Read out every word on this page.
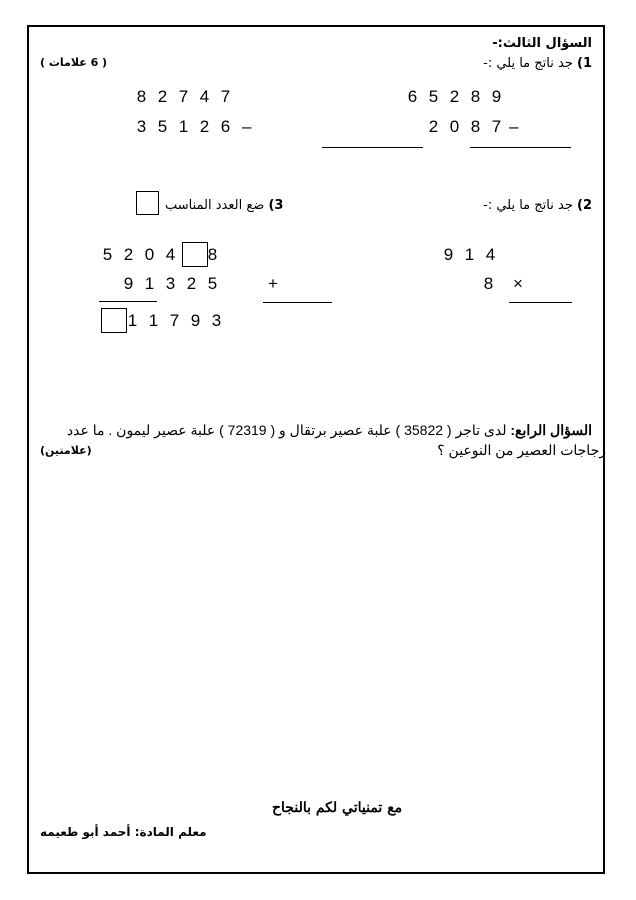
السؤال الثالث:-
1) جد ناتج ما يلي :-
( 6 علامات )
8 2 7 4 7
3 5 1 2 6 –
6 5 2 8 9
2 0 8 7 –
2) جد ناتج ما يلي :-
3) ضع العدد المناسب
5 2 0 4	8
9 1 3 2 5	+
1 1 7 9 3
9 1 4
8	×
السؤال الرابع: لدى تاجر ( 35822 ) علبة عصير برتقال و ( 72319 ) علبة عصير ليمون . ما عدد
زجاجات العصير من النوعين ؟
(علامتين)
مع تمنياتي لكم بالنجاح
معلم المادة: أحمد أبو طعيمه
